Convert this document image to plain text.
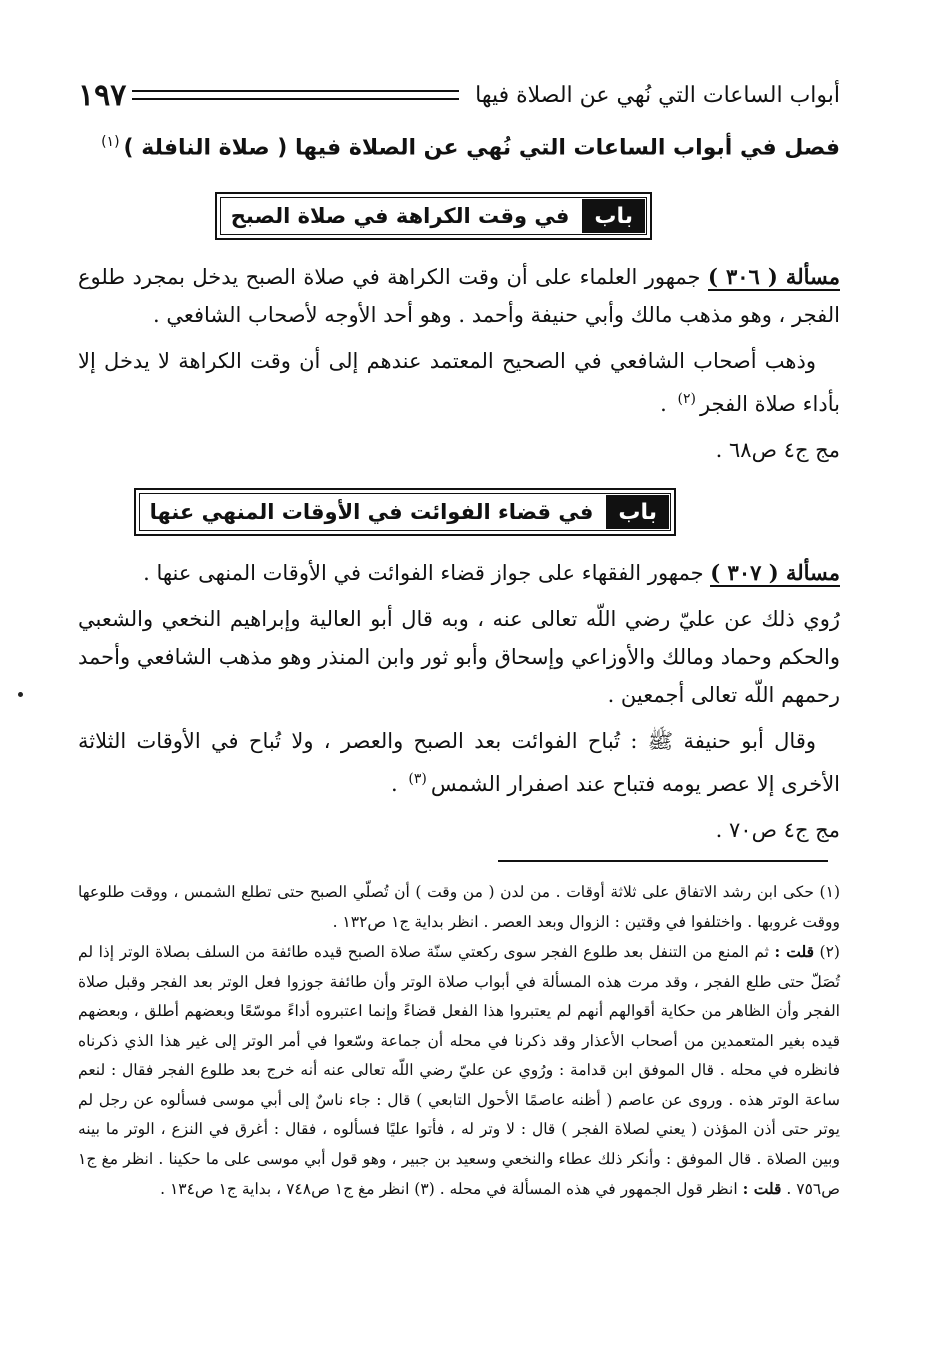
أبواب الساعات التي نُهي عن الصلاة فيها
١٩٧
فصل في أبواب الساعات التي نُهي عن الصلاة فيها ( صلاة النافلة )$^{(١)}$
باب
في وقت الكراهة في صلاة الصبح

مسألة ( ٣٠٦ ) جمهور العلماء على أن وقت الكراهة في صلاة الصبح يدخل بمجرد طلوع الفجر ، وهو مذهب مالك وأبي حنيفة وأحمد . وهو أحد الأوجه لأصحاب الشافعي .

وذهب أصحاب الشافعي في الصحيح المعتمد عندهم إلى أن وقت الكراهة لا يدخل إلا بأداء صلاة الفجر$^{(٢)}$ .

مج ج٤ ص٦٨ .

باب
في قضاء الفوائت في الأوقات المنهي عنها

مسألة ( ٣٠٧ ) جمهور الفقهاء على جواز قضاء الفوائت في الأوقات المنهى عنها .

رُوي ذلك عن عليّ رضي اللّه تعالى عنه ، وبه قال أبو العالية وإبراهيم النخعي والشعبي والحكم وحماد ومالك والأوزاعي وإسحاق وأبو ثور وابن المنذر وهو مذهب الشافعي وأحمد رحمهم اللّه تعالى أجمعين .

وقال أبو حنيفة ﷺ : تُباح الفوائت بعد الصبح والعصر ، ولا تُباح في الأوقات الثلاثة الأخرى إلا عصر يومه فتباح عند اصفرار الشمس$^{(٣)}$ .

مج ج٤ ص٧٠ .

(١) حكى ابن رشد الاتفاق على ثلاثة أوقات . من لدن ( من وقت ) أن تُصلّي الصبح حتى تطلع الشمس ، ووقت طلوعها ووقت غروبها . واختلفوا في وقتين : الزوال وبعد العصر . انظر بداية ج١ ص١٣٢ .

(٢) قلت : ثم المنع من التنفل بعد طلوع الفجر سوى ركعتي سنّة صلاة الصبح قيده طائفة من السلف بصلاة الوتر إذا لم تُصَلّ حتى طلع الفجر ، وقد مرت هذه المسألة في أبواب صلاة الوتر وأن طائفة جوزوا فعل الوتر بعد الفجر وقبل صلاة الفجر وأن الظاهر من حكاية أقوالهم أنهم لم يعتبروا هذا الفعل قضاءً وإنما اعتبروه أداءً موسّعًا وبعضهم أطلق ، وبعضهم قيده بغير المتعمدين من أصحاب الأعذار وقد ذكرنا في محله أن جماعة وسّعوا في أمر الوتر إلى غير هذا الذي ذكرناه فانظره في محله . قال الموفق ابن قدامة : ورُوي عن عليّ رضي اللّه تعالى عنه أنه خرج بعد طلوع الفجر فقال : لنعم ساعة الوتر هذه . وروى عن عاصم ( أظنه عاصمًا الأحول التابعي ) قال : جاء ناسٌ إلى أبي موسى فسألوه عن رجل لم يوتر حتى أذن المؤذن ( يعني لصلاة الفجر ) قال : لا وتر له ، فأتوا عليًا فسألوه ، فقال : أغرق في النزع ، الوتر ما بينه وبين الصلاة . قال الموفق : وأنكر ذلك عطاء والنخعي وسعيد بن جبير ، وهو قول أبي موسى على ما حكينا . انظر مغ ج١ ص٧٥٦ . قلت : انظر قول الجمهور في هذه المسألة في محله . (٣) انظر مغ ج١ ص٧٤٨ ، بداية ج١ ص١٣٤ .
